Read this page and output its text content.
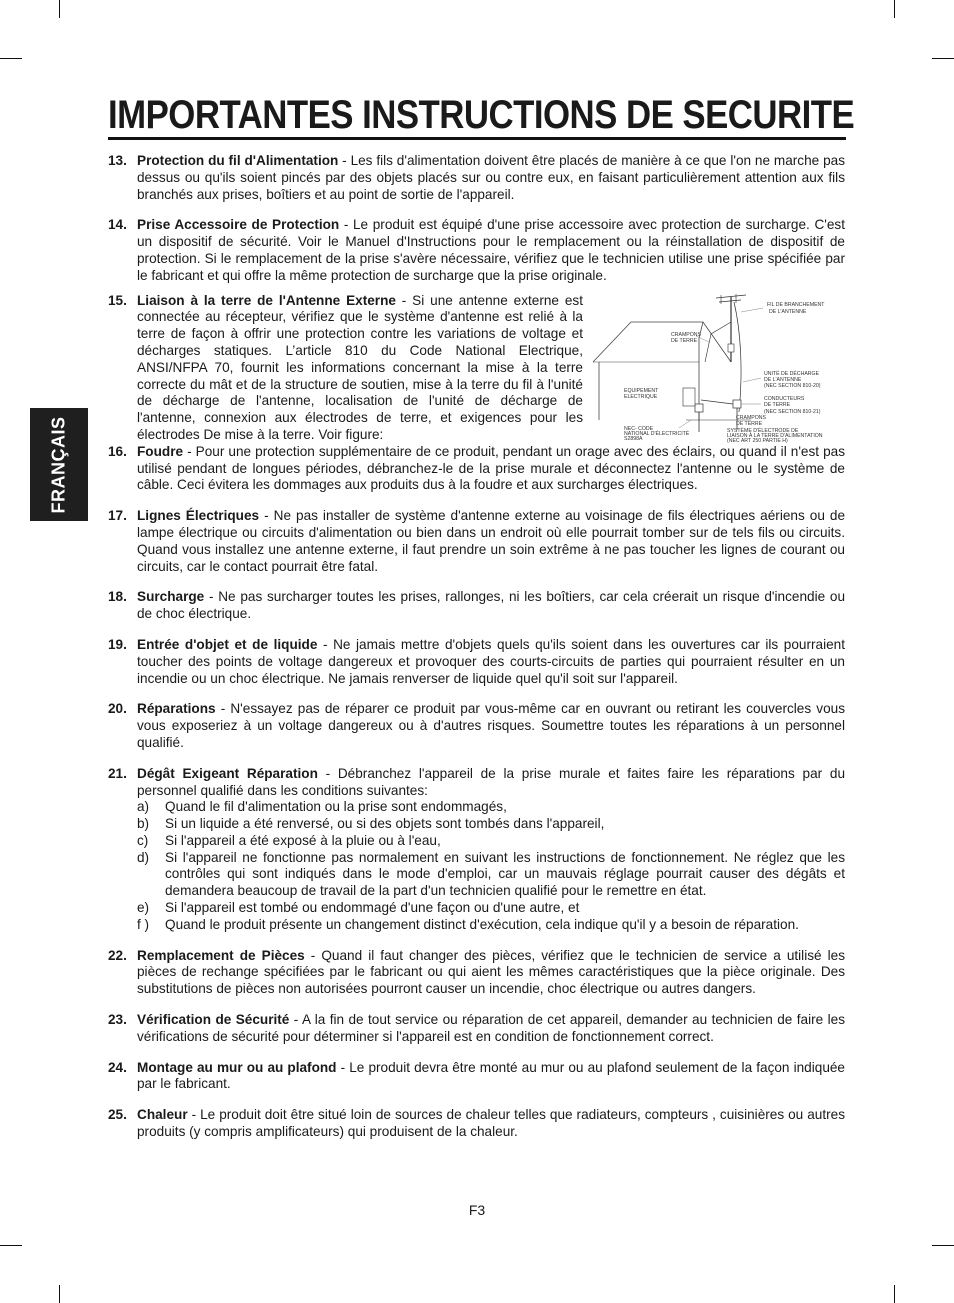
IMPORTANTES INSTRUCTIONS DE SECURITE
FRANÇAIS
13. Protection du fil d'Alimentation - Les fils d'alimentation doivent être placés de manière à ce que l'on ne marche pas dessus ou qu'ils soient pincés par des objets placés sur ou contre eux, en faisant particulièrement attention aux fils branchés aux prises, boîtiers et au point de sortie de l'appareil.
14. Prise Accessoire de Protection - Le produit est équipé d'une prise accessoire avec protection de surcharge. C'est un dispositif de sécurité. Voir le Manuel d'Instructions pour le remplacement ou la réinstallation de dispositif de protection. Si le remplacement de la prise s'avère nécessaire, vérifiez que le technicien utilise une prise spécifiée par le fabricant et qui offre la même protection de surcharge que la prise originale.
15.	FIL DE BRANCHEMENT
DE L'ANTENNE
CRAMPONS
DE TERRE
EQUIPEMENT
ELECTRIQUE
UNITÉ DE DÉCHARGE
DE L'ANTENNE
(NEC SECTION 810-20)
CONDUCTEURS
DE TERRE
(NEC SECTION 810-21)
CRAMPONS
DE TERRE
NEC- CODE
NATIONAL D'ÉLECTRICITÉ
S2898A
SYSTÈME D'ÉLECTRODE DE
LIAISON À LA TERRE D'ALIMENTATION
(NEC ART 250 PARTIE H)
Liaison à la terre de l'Antenne Externe - Si une antenne externe est connectée au récepteur, vérifiez que le système d'antenne est relié à la terre de façon à offrir une protection contre les variations de voltage et décharges statiques. L’article 810 du Code National Electrique, ANSI/NFPA 70, fournit les informations concernant la mise à la terre correcte du mât et de la structure de soutien, mise à la terre du fil à l'unité de décharge de l'antenne, localisation de l'unité de décharge de l'antenne, connexion aux électrodes de terre, et exigences pour les électrodes De mise à la terre. Voir figure:
16. Foudre - Pour une protection supplémentaire de ce produit, pendant un orage avec des éclairs, ou quand il n'est pas utilisé pendant de longues périodes, débranchez-le de la prise murale et déconnectez l'antenne ou le système de câble. Ceci évitera les dommages aux produits dus à la foudre et aux surcharges électriques.
17. Lignes Électriques - Ne pas installer de système d'antenne externe au voisinage de fils électriques aériens ou de lampe électrique ou circuits d'alimentation ou bien dans un endroit où elle pourrait tomber sur de tels fils ou circuits. Quand vous installez une antenne externe, il faut prendre un soin extrême à ne pas toucher les lignes de courant ou circuits, car le contact pourrait être fatal.
18. Surcharge - Ne pas surcharger toutes les prises, rallonges, ni les boîtiers, car cela créerait un risque d'incendie ou de choc électrique.
19. Entrée d'objet et de liquide - Ne jamais mettre d'objets quels qu'ils soient dans les ouvertures car ils pourraient toucher des points de voltage dangereux et provoquer des courts-circuits de parties qui pourraient résulter en un incendie ou un choc électrique. Ne jamais renverser de liquide quel qu'il soit sur l'appareil.
20. Réparations - N'essayez pas de réparer ce produit par vous-même car en ouvrant ou retirant les couvercles vous vous exposeriez à un voltage dangereux ou à d'autres risques. Soumettre toutes les réparations à un personnel qualifié.
21. Dégât Exigeant Réparation - Débranchez l'appareil de la prise murale et faites faire les réparations par du personnel qualifié dans les conditions suivantes:
a) Quand le fil d'alimentation ou la prise sont endommagés,
b) Si un liquide a été renversé, ou si des objets sont tombés dans l'appareil,
c) Si l'appareil a été exposé à la pluie ou à l'eau,
d) Si l'appareil ne fonctionne pas normalement en suivant les instructions de fonctionnement. Ne réglez que les contrôles qui sont indiqués dans le mode d'emploi, car un mauvais réglage pourrait causer des dégâts et demandera beaucoup de travail de la part d'un technicien qualifié pour le remettre en état.
e) Si l'appareil est tombé ou endommagé d'une façon ou d'une autre, et
f ) Quand le produit présente un changement distinct d'exécution, cela indique qu'il y a besoin de réparation.
22. Remplacement de Pièces - Quand il faut changer des pièces, vérifiez que le technicien de service a utilisé les pièces de rechange spécifiées par le fabricant ou qui aient les mêmes caractéristiques que la pièce originale. Des substitutions de pièces non autorisées pourront causer un incendie, choc électrique ou autres dangers.
23. Vérification de Sécurité - A la fin de tout service ou réparation de cet appareil, demander au technicien de faire les vérifications de sécurité pour déterminer si l'appareil est en condition de fonctionnement correct.
24. Montage au mur ou au plafond - Le produit devra être monté au mur ou au plafond seulement de la façon indiquée par le fabricant.
25. Chaleur - Le produit doit être situé loin de sources de chaleur telles que radiateurs, compteurs , cuisinières ou autres produits (y compris amplificateurs) qui produisent de la chaleur.
F3
